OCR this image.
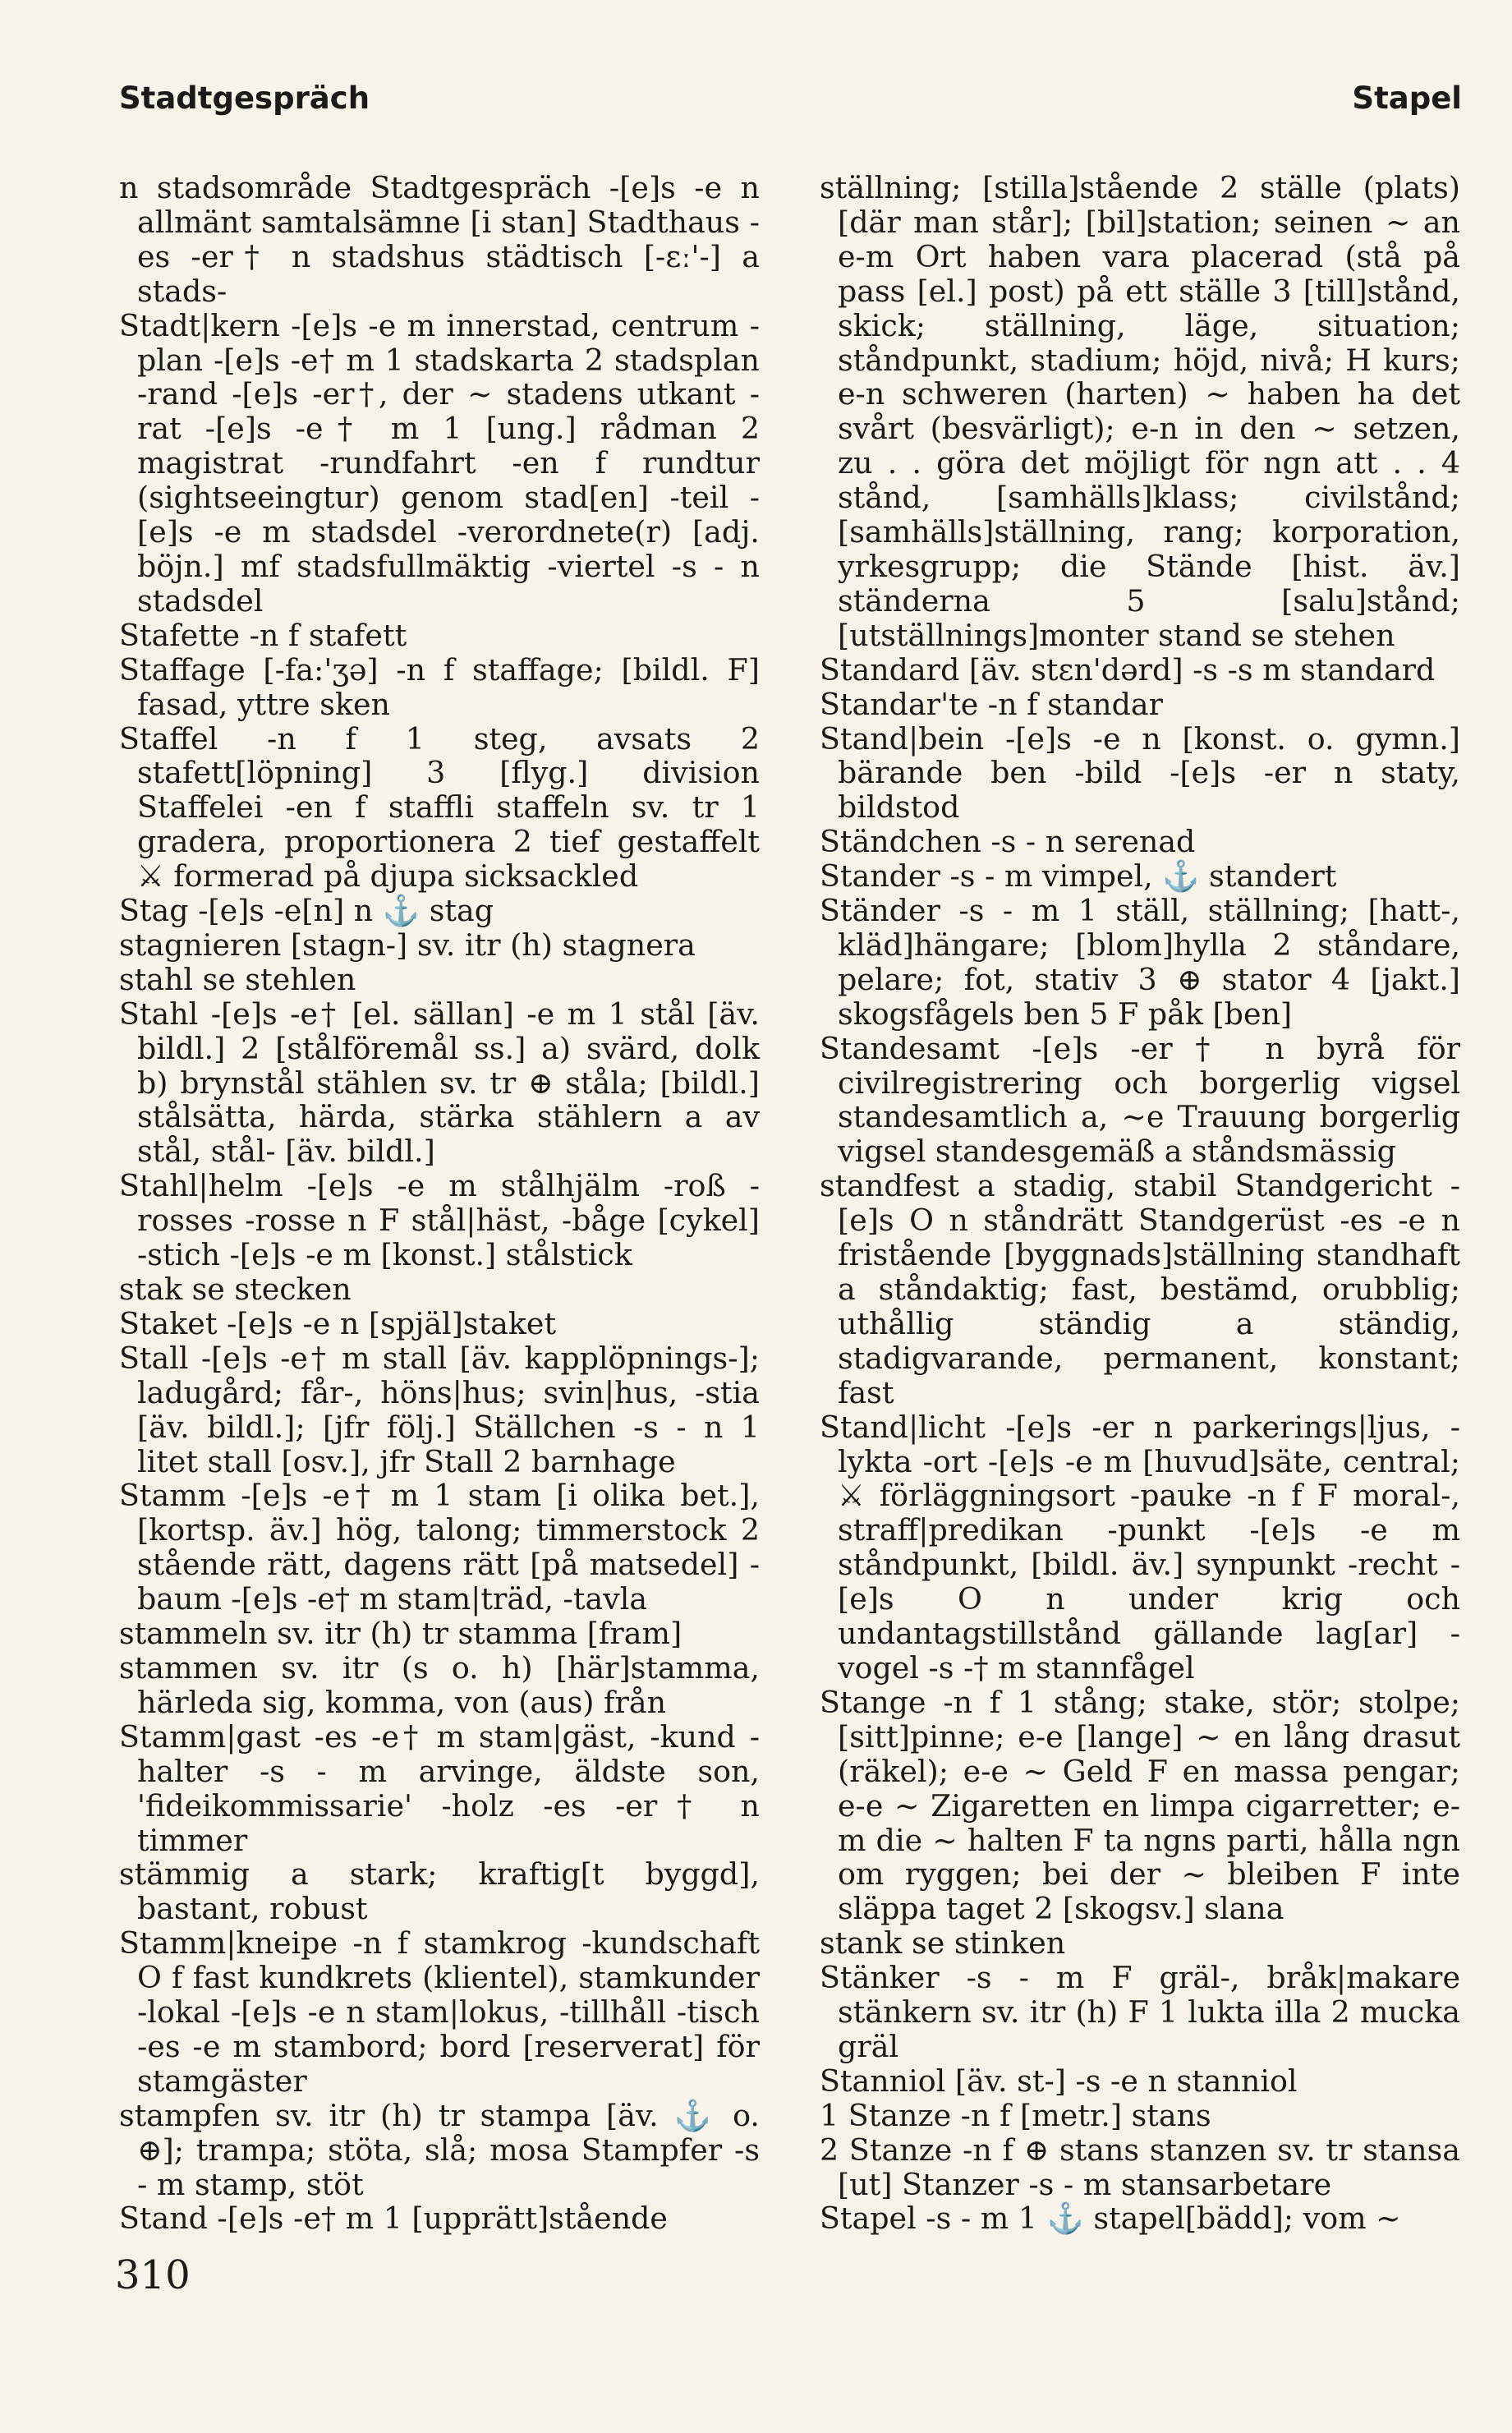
Stadtgespräch	Stapel

n stadsområde Stadtgespräch -[e]s -e n allmänt samtalsämne [i stan] Stadthaus -es -er† n stadshus städtisch [-ɛː'-] a stads-

Stadt|kern -[e]s -e m innerstad, centrum -plan -[e]s -e† m 1 stadskarta 2 stadsplan -rand -[e]s -er†, der ~ stadens utkant -rat -[e]s -e† m 1 [ung.] rådman 2 magistrat -rundfahrt -en f rundtur (sightseeingtur) genom stad[en] -teil -[e]s -e m stadsdel -verordnete(r) [adj. böjn.] mf stadsfullmäktig -viertel -s - n stadsdel

Stafette -n f stafett

Staffage [-fa:'ʒə] -n f staffage; [bildl. F] fasad, yttre sken

Staffel -n f 1 steg, avsats 2 stafett[löpning] 3 [flyg.] division Staffelei -en f staffli staffeln sv. tr 1 gradera, proportionera 2 tief gestaffelt ⚔ formerad på djupa sicksackled

Stag -[e]s -e[n] n ⚓ stag

stagnieren [stagn-] sv. itr (h) stagnera

stahl se stehlen

Stahl -[e]s -e† [el. sällan] -e m 1 stål [äv. bildl.] 2 [stålföremål ss.] a) svärd, dolk b) brynstål stählen sv. tr ⊕ ståla; [bildl.] stålsätta, härda, stärka stählern a av stål, stål- [äv. bildl.]

Stahl|helm -[e]s -e m stålhjälm -roß -rosses -rosse n F stål|häst, -båge [cykel] -stich -[e]s -e m [konst.] stålstick

stak se stecken

Staket -[e]s -e n [spjäl]staket

Stall -[e]s -e† m stall [äv. kapplöpnings-]; ladugård; får-, höns|hus; svin|hus, -stia [äv. bildl.]; [jfr följ.] Ställchen -s - n 1 litet stall [osv.], jfr Stall 2 barnhage

Stamm -[e]s -e† m 1 stam [i olika bet.], [kortsp. äv.] hög, talong; timmerstock 2 stående rätt, dagens rätt [på matsedel] -baum -[e]s -e† m stam|träd, -tavla

stammeln sv. itr (h) tr stamma [fram]

stammen sv. itr (s o. h) [här]stamma, härleda sig, komma, von (aus) från

Stamm|gast -es -e† m stam|gäst, -kund -halter -s - m arvinge, äldste son, 'fideikommissarie' -holz -es -er† n timmer

stämmig a stark; kraftig[t byggd], bastant, robust

Stamm|kneipe -n f stamkrog -kundschaft O f fast kundkrets (klientel), stamkunder -lokal -[e]s -e n stam|lokus, -tillhåll -tisch -es -e m stambord; bord [reserverat] för stamgäster

stampfen sv. itr (h) tr stampa [äv. ⚓ o. ⊕]; trampa; stöta, slå; mosa Stampfer -s - m stamp, stöt

Stand -[e]s -e† m 1 [upprätt]stående

ställning; [stilla]stående 2 ställe (plats) [där man står]; [bil]station; seinen ~ an e-m Ort haben vara placerad (stå på pass [el.] post) på ett ställe 3 [till]stånd, skick; ställning, läge, situation; ståndpunkt, stadium; höjd, nivå; H kurs; e-n schweren (harten) ~ haben ha det svårt (besvärligt); e-n in den ~ setzen, zu . . göra det möjligt för ngn att . . 4 stånd, [samhälls]klass; civilstånd; [samhälls]ställning, rang; korporation, yrkesgrupp; die Stände [hist. äv.] ständerna 5 [salu]stånd; [utställnings]monter stand se stehen

Standard [äv. stɛn'dərd] -s -s m standard

Standar'te -n f standar

Stand|bein -[e]s -e n [konst. o. gymn.] bärande ben -bild -[e]s -er n staty, bildstod

Ständchen -s - n serenad

Stander -s - m vimpel, ⚓ standert

Ständer -s - m 1 ställ, ställning; [hatt-, kläd]hängare; [blom]hylla 2 ståndare, pelare; fot, stativ 3 ⊕ stator 4 [jakt.] skogsfågels ben 5 F påk [ben]

Standesamt -[e]s -er† n byrå för civilregistrering och borgerlig vigsel standesamtlich a, ~e Trauung borgerlig vigsel standesgemäß a ståndsmässig

standfest a stadig, stabil Standgericht -[e]s O n ståndrätt Standgerüst -es -e n fristående [byggnads]ställning standhaft a ståndaktig; fast, bestämd, orubblig; uthållig ständig a ständig, stadigvarande, permanent, konstant; fast

Stand|licht -[e]s -er n parkerings|ljus, -lykta -ort -[e]s -e m [huvud]säte, central; ⚔ förläggningsort -pauke -n f F moral-, straff|predikan -punkt -[e]s -e m ståndpunkt, [bildl. äv.] synpunkt -recht -[e]s O n under krig och undantagstillstånd gällande lag[ar] -vogel -s -† m stannfågel

Stange -n f 1 stång; stake, stör; stolpe; [sitt]pinne; e-e [lange] ~ en lång drasut (räkel); e-e ~ Geld F en massa pengar; e-e ~ Zigaretten en limpa cigarretter; e-m die ~ halten F ta ngns parti, hålla ngn om ryggen; bei der ~ bleiben F inte släppa taget 2 [skogsv.] slana

stank se stinken

Stänker -s - m F gräl-, bråk|makare stänkern sv. itr (h) F 1 lukta illa 2 mucka gräl

Stanniol [äv. st-] -s -e n stanniol

1 Stanze -n f [metr.] stans

2 Stanze -n f ⊕ stans stanzen sv. tr stansa [ut] Stanzer -s - m stansarbetare

Stapel -s - m 1 ⚓ stapel[bädd]; vom ~

310
